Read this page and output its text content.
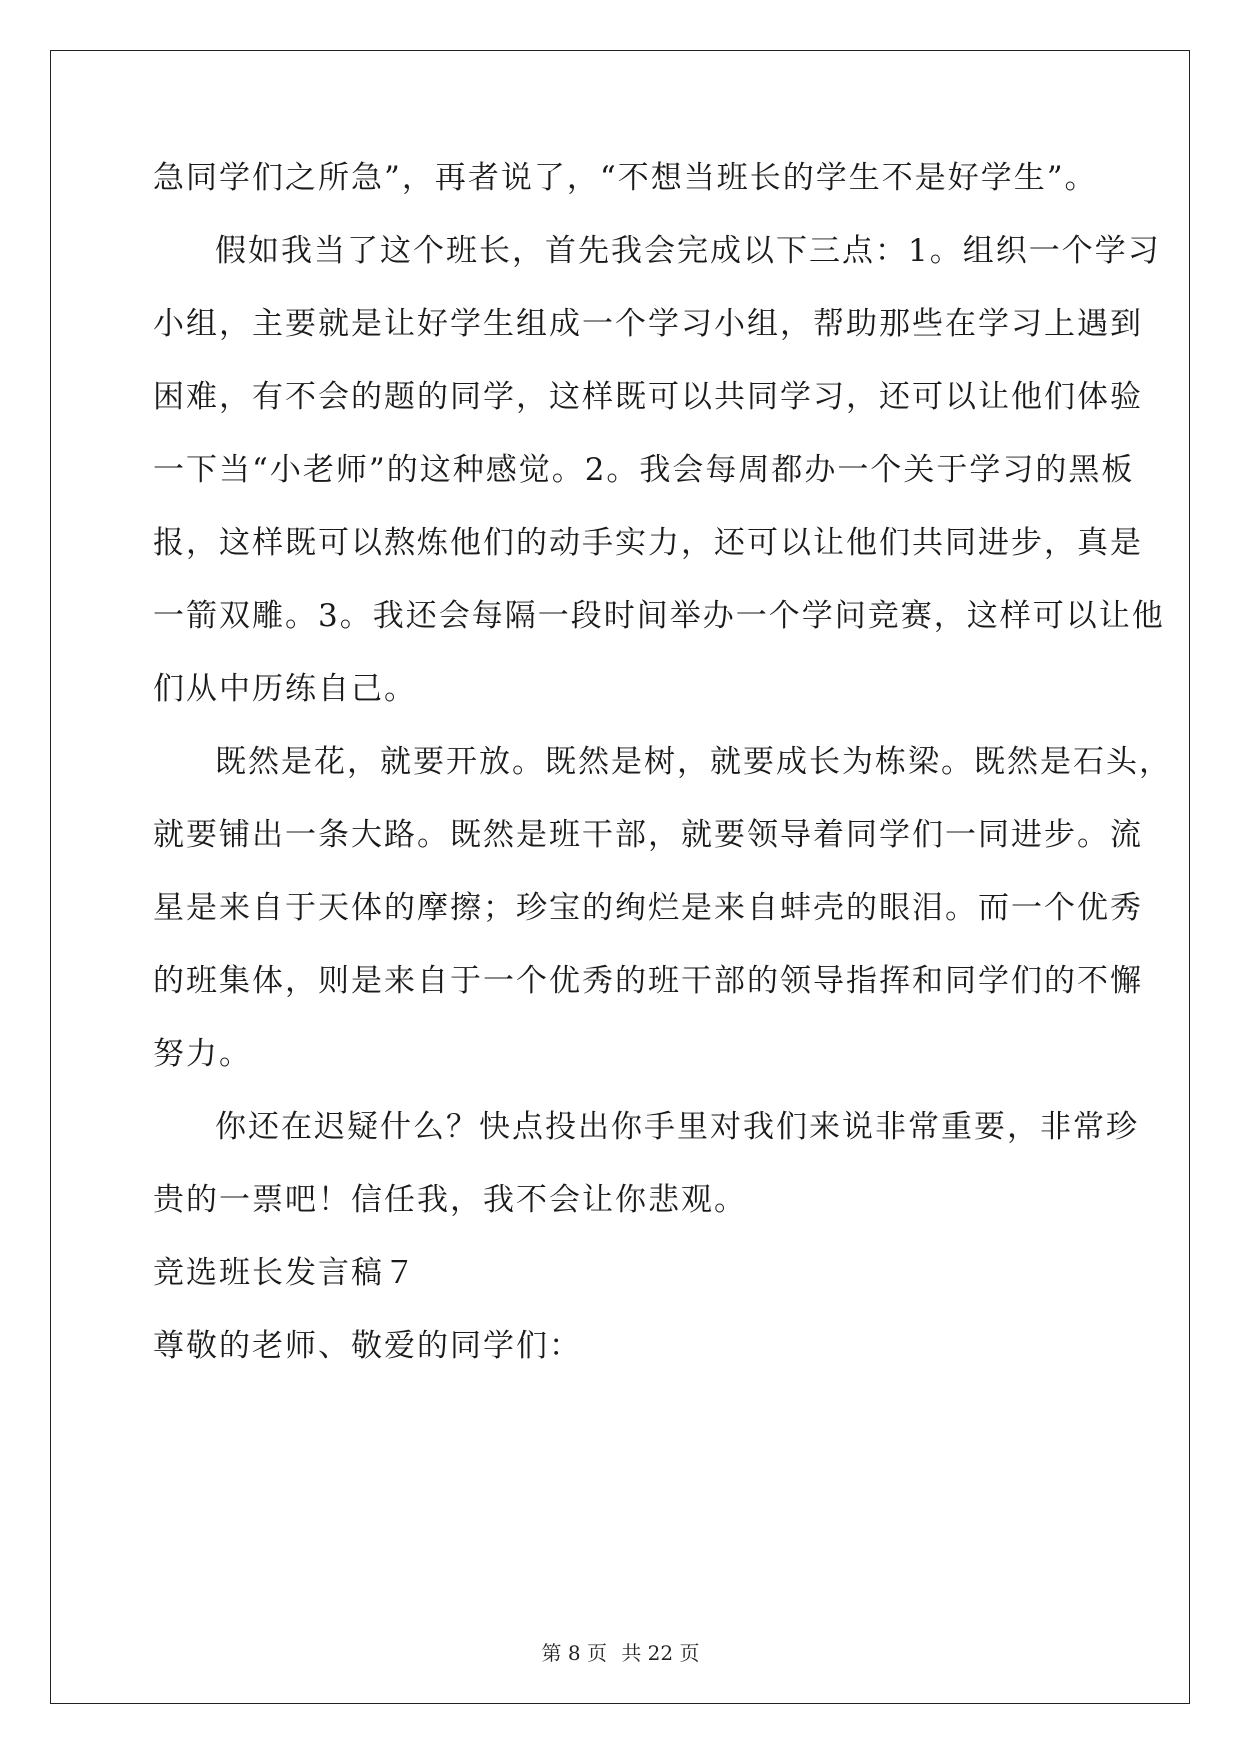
急同学们之所急”，再者说了，“不想当班长的学生不是好学生”。
假如我当了这个班长，首先我会完成以下三点：1。组织一个学习
小组，主要就是让好学生组成一个学习小组，帮助那些在学习上遇到
困难，有不会的题的同学，这样既可以共同学习，还可以让他们体验
一下当“小老师”的这种感觉。2。我会每周都办一个关于学习的黑板
报，这样既可以熬炼他们的动手实力，还可以让他们共同进步，真是
一箭双雕。3。我还会每隔一段时间举办一个学问竞赛，这样可以让他
们从中历练自己。
既然是花，就要开放。既然是树，就要成长为栋梁。既然是石头，
就要铺出一条大路。既然是班干部，就要领导着同学们一同进步。流
星是来自于天体的摩擦；珍宝的绚烂是来自蚌壳的眼泪。而一个优秀
的班集体，则是来自于一个优秀的班干部的领导指挥和同学们的不懈
努力。
你还在迟疑什么？快点投出你手里对我们来说非常重要，非常珍
贵的一票吧！信任我，我不会让你悲观。
竞选班长发言稿７
尊敬的老师、敬爱的同学们：
第 8 页 共 22 页
